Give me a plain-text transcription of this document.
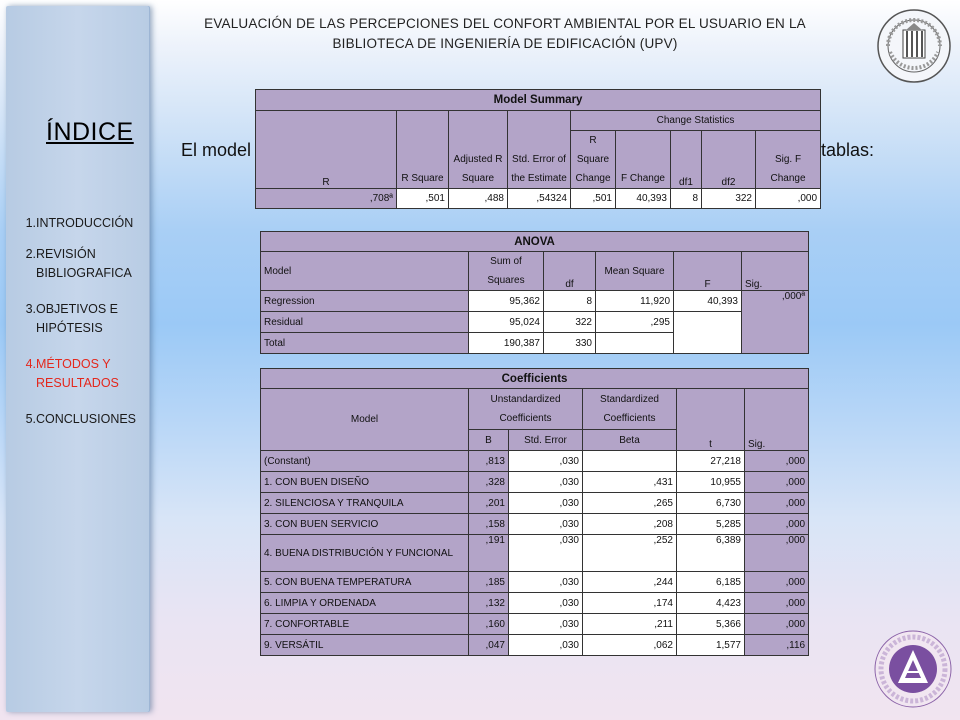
ÍNDICE
1. INTRODUCCIÓN
2. REVISIÓN BIBLIOGRAFICA
3. OBJETIVOS E HIPÓTESIS
4. MÉTODOS Y RESULTADOS
5. CONCLUSIONES
EVALUACIÓN DE LAS PERCEPCIONES DEL CONFORT AMBIENTAL POR EL USUARIO EN LA
BIBLIOTECA DE INGENIERÍA DE EDIFICACIÓN (UPV)
El model	tablas:
Model Summary								
R	R Square	Adjusted R Square	Std. Error of the Estimate	Change Statistics				
				R Square Change	F Change	df1	df2	Sig. F Change

,708ª	,501	,488	,54324	,501	40,393	8	322	,000
ANOVA					
Model	Sum of Squares	df	Mean Square	F	Sig.
Regression	95,362	8	11,920	40,393	,000ª
Residual	95,024	322	,295		
Total	190,387	330			
Coefficients					
Model	Unstandardized Coefficients		Standardized Coefficients	t	Sig.
	B	Std. Error	Beta		
(Constant)	,813	,030		27,218	,000
1. CON BUEN DISEÑO	,328	,030	,431	10,955	,000
2. SILENCIOSA Y TRANQUILA	,201	,030	,265	6,730	,000
3. CON BUEN SERVICIO	,158	,030	,208	5,285	,000
4. BUENA DISTRIBUCIÓN Y FUNCIONAL	,191	,030	,252	6,389	,000
5. CON BUENA TEMPERATURA	,185	,030	,244	6,185	,000
6. LIMPIA Y ORDENADA	,132	,030	,174	4,423	,000
7. CONFORTABLE	,160	,030	,211	5,366	,000
9. VERSÁTIL	,047	,030	,062	1,577	,116
